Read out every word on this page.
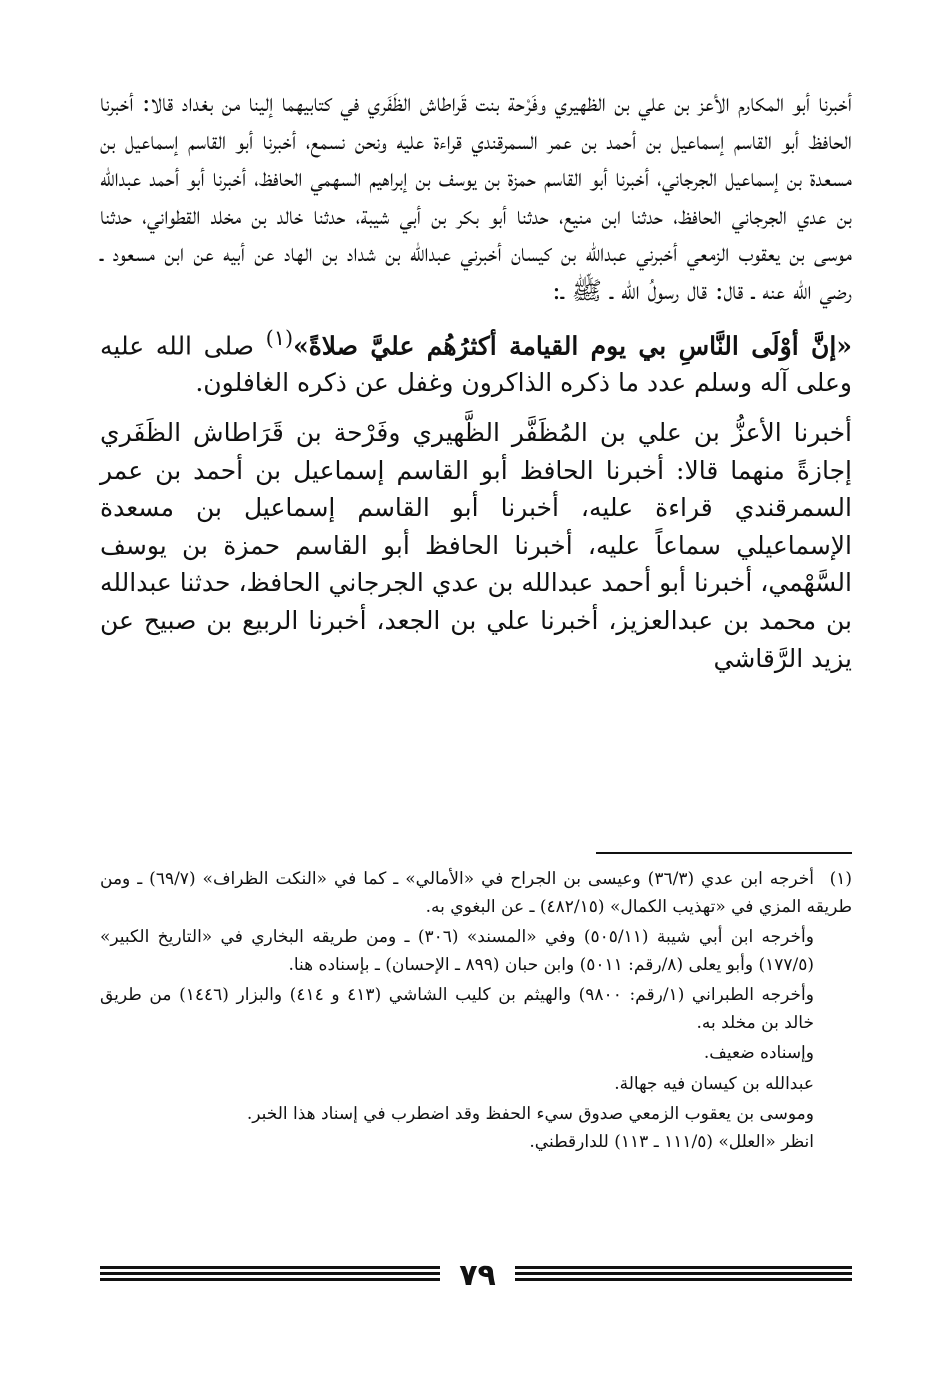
أخبرنا أبو المكارم الأعز بن علي بن الظهيري وفَرْحة بنت قَراطاش الظَفَري في كتابيهما إلينا من بغداد قالا: أخبرنا الحافظ أبو القاسم إسماعيل بن أحمد بن عمر السمرقندي قراءة عليه ونحن نسمع، أخبرنا أبو القاسم إسماعيل بن مسعدة بن إسماعيل الجرجاني، أخبرنا أبو القاسم حمزة بن يوسف بن إبراهيم السهمي الحافظ، أخبرنا أبو أحمد عبدالله بن عدي الجرجاني الحافظ، حدثنا ابن منيع، حدثنا أبو بكر بن أبي شيبة، حدثنا خالد بن مخلد القطواني، حدثنا موسى بن يعقوب الزمعي أخبرني عبدالله بن كيسان أخبرني عبدالله بن شداد بن الهاد عن أبيه عن ابن مسعود ـ رضي الله عنه ـ قال: قال رسولُ الله ـ ﷺ ـ:

«إنَّ أوْلَى النَّاسِ بي يوم القيامة أكثرُهُم عليَّ صلاةً»$^{(١)}$ صلى الله عليه وعلى آله وسلم عدد ما ذكره الذاكرون وغفل عن ذكره الغافلون.

أخبرنا الأعزُّ بن علي بن المُظَفَّر الظَّهيري وفَرْحة بن قَرَاطاش الظَفَري إجازةً منهما قالا: أخبرنا الحافظ أبو القاسم إسماعيل بن أحمد بن عمر السمرقندي قراءة عليه، أخبرنا أبو القاسم إسماعيل بن مسعدة الإسماعيلي سماعاً عليه، أخبرنا الحافظ أبو القاسم حمزة بن يوسف السَّهْمي، أخبرنا أبو أحمد عبدالله بن عدي الجرجاني الحافظ، حدثنا عبدالله بن محمد بن عبدالعزيز، أخبرنا علي بن الجعد، أخبرنا الربيع بن صبيح عن يزيد الرَّقاشي

(١)أخرجه ابن عدي (٣٦/٣) وعيسى بن الجراح في «الأمالي» ـ كما في «النكت الظراف» (٦٩/٧) ـ ومن طريقه المزي في «تهذيب الكمال» (٤٨٢/١٥) ـ عن البغوي به.

وأخرجه ابن أبي شيبة (٥٠٥/١١) وفي «المسند» (٣٠٦) ـ ومن طريقه البخاري في «التاريخ الكبير» (١٧٧/٥) وأبو يعلى (٨/رقم: ٥٠١١) وابن حبان (٨٩٩ ـ الإحسان) ـ بإسناده هنا.

وأخرجه الطبراني (١/رقم: ٩٨٠٠) والهيثم بن كليب الشاشي (٤١٣ و ٤١٤) والبزار (١٤٤٦) من طريق خالد بن مخلد به.

وإسناده ضعيف.

عبدالله بن كيسان فيه جهالة.

وموسى بن يعقوب الزمعي صدوق سيء الحفظ وقد اضطرب في إسناد هذا الخبر.

انظر «العلل» (١١١/٥ ـ ١١٣) للدارقطني.

٧٩
